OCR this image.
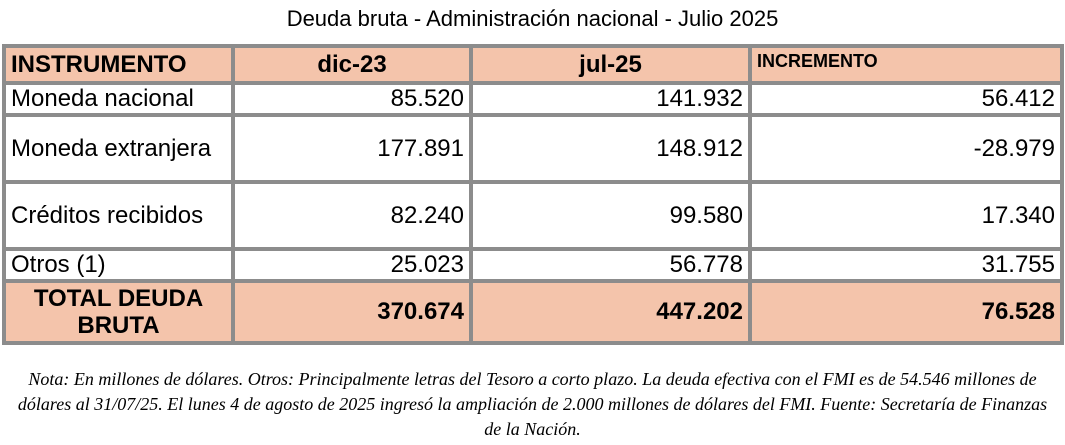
Deuda bruta - Administración nacional - Julio 2025
INSTRUMENTO	dic-23	jul-25	INCREMENTO
Moneda nacional	85.520	141.932	56.412
Moneda extranjera	177.891	148.912	-28.979
Créditos recibidos	82.240	99.580	17.340
Otros (1)	25.023	56.778	31.755
TOTAL DEUDA BRUTA	370.674	447.202	76.528
Nota: En millones de dólares. Otros: Principalmente letras del Tesoro a corto plazo. La deuda efectiva con el FMI es de 54.546 millones de dólares al 31/07/25. El lunes 4 de agosto de 2025 ingresó la ampliación de 2.000 millones de dólares del FMI. Fuente: Secretaría de Finanzas de la Nación.
